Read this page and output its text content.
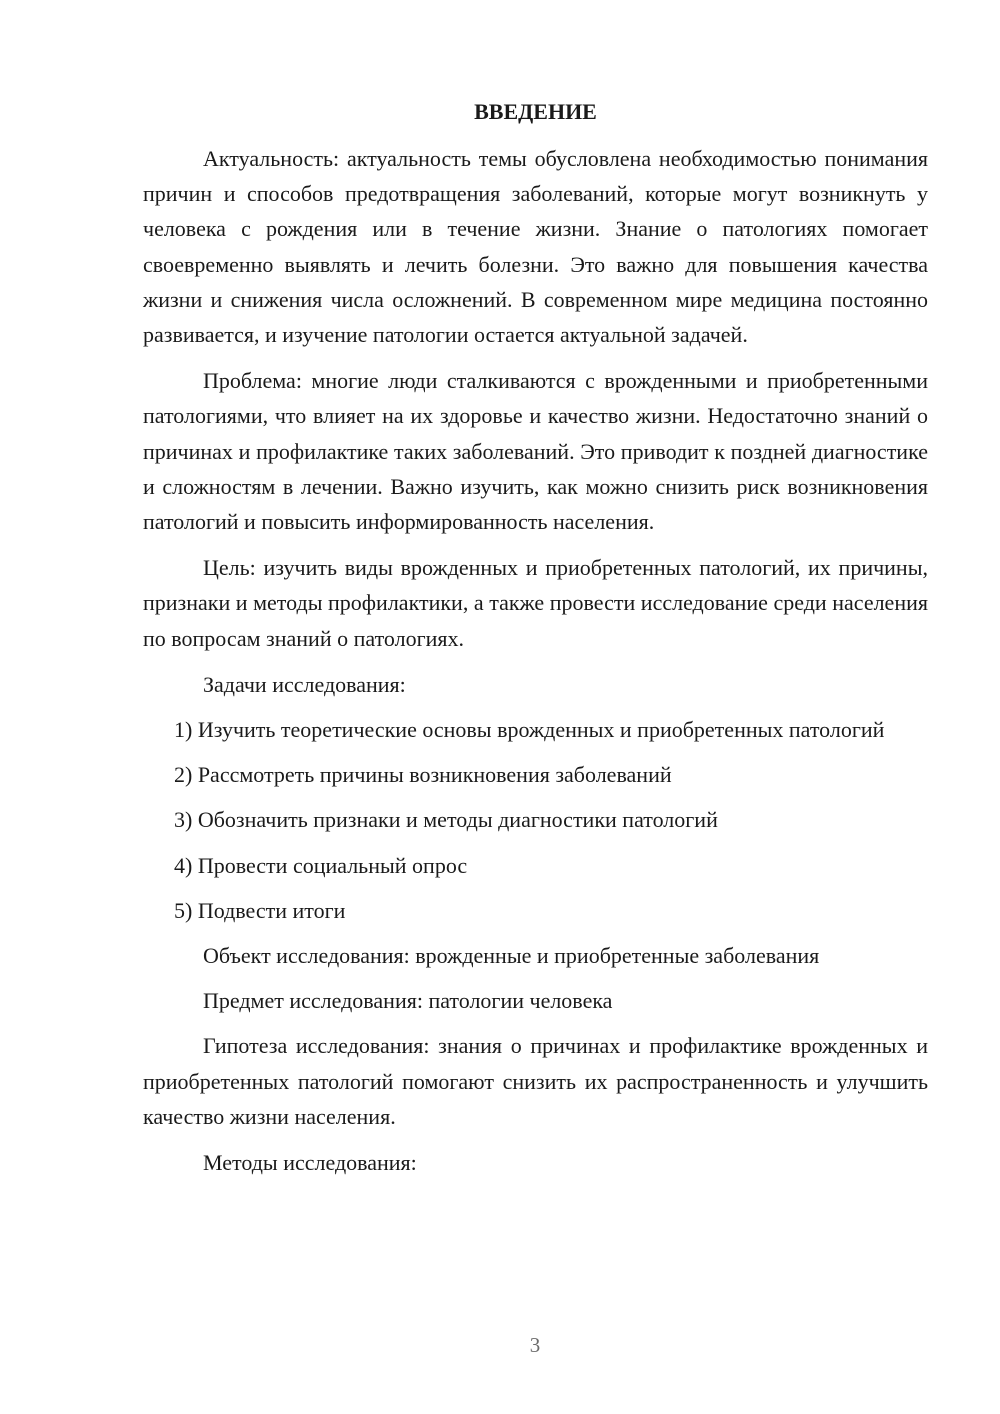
ВВЕДЕНИЕ

Актуальность: актуальность темы обусловлена необходимостью понимания причин и способов предотвращения заболеваний, которые могут возникнуть у человека с рождения или в течение жизни. Знание о патологиях помогает своевременно выявлять и лечить болезни. Это важно для повышения качества жизни и снижения числа осложнений. В современном мире медицина постоянно развивается, и изучение патологии остается актуальной задачей.

Проблема: многие люди сталкиваются с врожденными и приобретенными патологиями, что влияет на их здоровье и качество жизни. Недостаточно знаний о причинах и профилактике таких заболеваний. Это приводит к поздней диагностике и сложностям в лечении. Важно изучить, как можно снизить риск возникновения патологий и повысить информированность населения.

Цель: изучить виды врожденных и приобретенных патологий, их причины, признаки и методы профилактики, а также провести исследование среди населения по вопросам знаний о патологиях.

Задачи исследования:

1) Изучить теоретические основы врожденных и приобретенных патологий

2) Рассмотреть причины возникновения заболеваний

3) Обозначить признаки и методы диагностики патологий

4) Провести социальный опрос

5) Подвести итоги

Объект исследования: врожденные и приобретенные заболевания

Предмет исследования: патологии человека

Гипотеза исследования: знания о причинах и профилактике врожденных и приобретенных патологий помогают снизить их распространенность и улучшить качество жизни населения.

Методы исследования:

3
